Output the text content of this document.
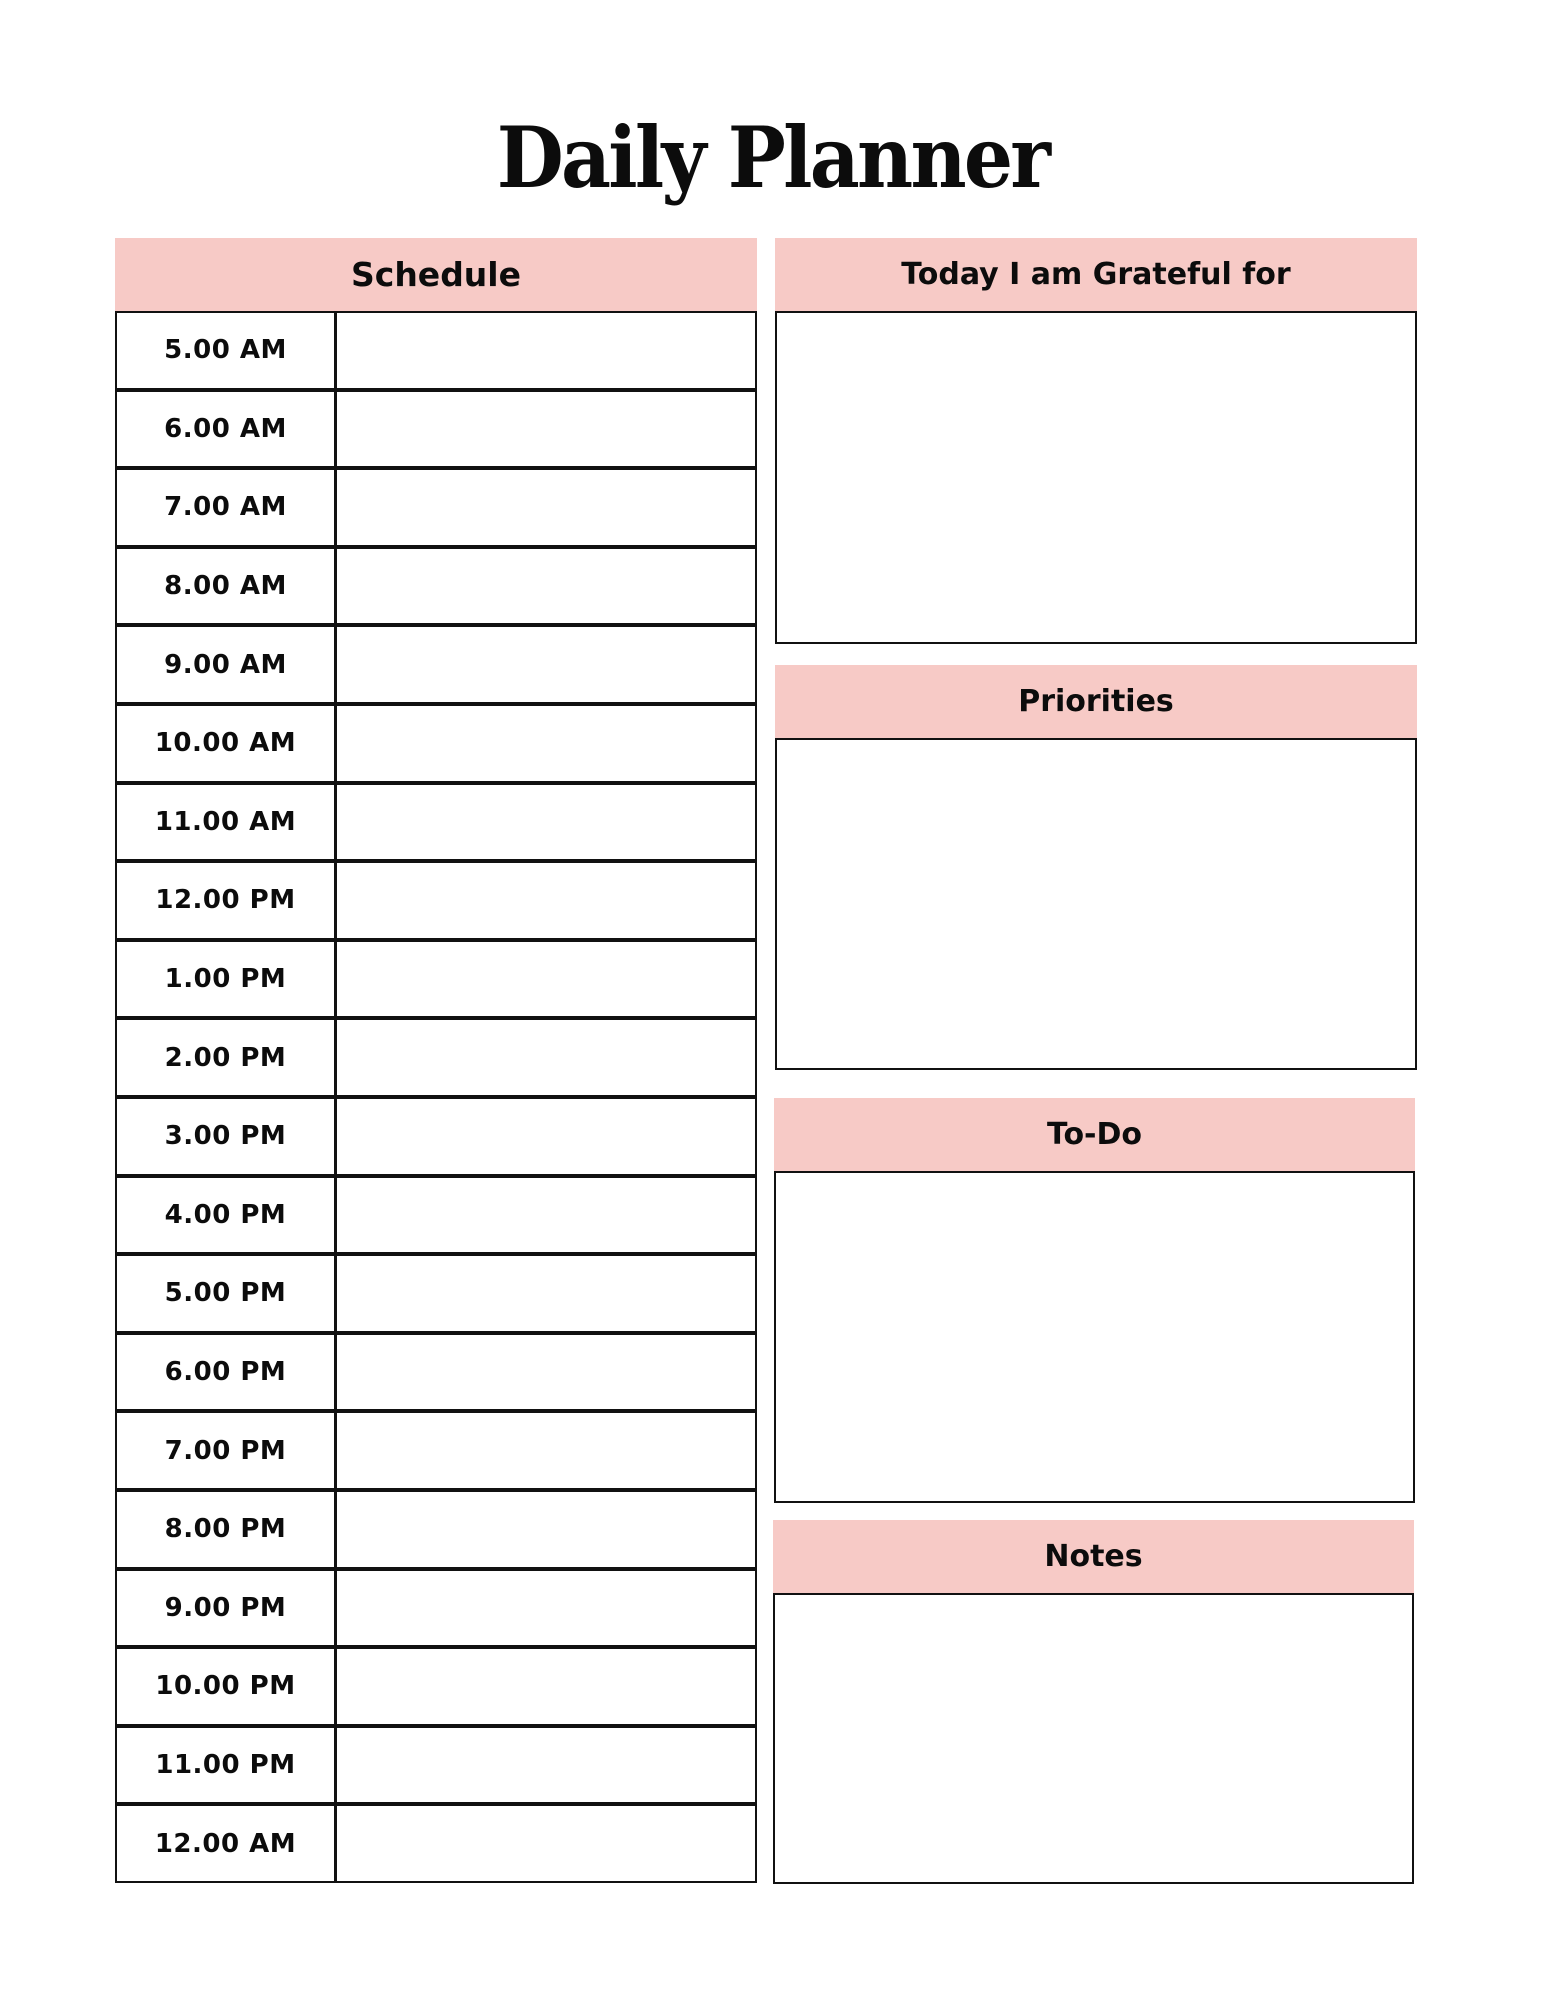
Daily Planner
Schedule
5.00 AM
6.00 AM
7.00 AM
8.00 AM
9.00 AM
10.00 AM
11.00 AM
12.00 PM
1.00 PM
2.00 PM
3.00 PM
4.00 PM
5.00 PM
6.00 PM
7.00 PM
8.00 PM
9.00 PM
10.00 PM
11.00 PM
12.00 AM
Today I am Grateful for
Priorities
To-Do
Notes
